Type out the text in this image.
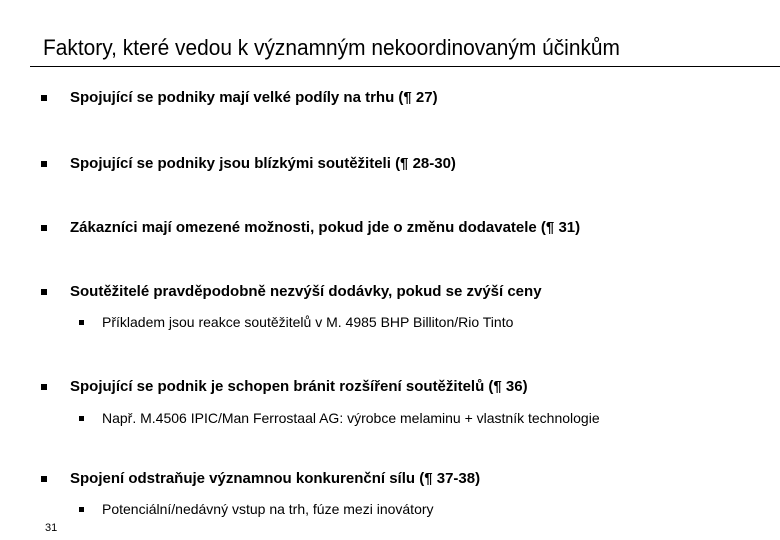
Faktory, které vedou k významným nekoordinovaným účinkům
Spojující se podniky mají velké podíly na trhu (¶ 27)
Spojující se podniky jsou blízkými soutěžiteli (¶ 28-30)
Zákazníci mají omezené možnosti, pokud jde o změnu dodavatele (¶ 31)
Soutěžitelé pravděpodobně nezvýší dodávky, pokud se zvýší ceny
Příkladem jsou reakce soutěžitelů v M. 4985 BHP Billiton/Rio Tinto
Spojující se podnik je schopen bránit rozšíření soutěžitelů (¶ 36)
Např. M.4506 IPIC/Man Ferrostaal AG: výrobce melaminu + vlastník technologie
Spojení odstraňuje významnou konkurenční sílu (¶ 37-38)
Potenciální/nedávný vstup na trh, fúze mezi inovátory
31
